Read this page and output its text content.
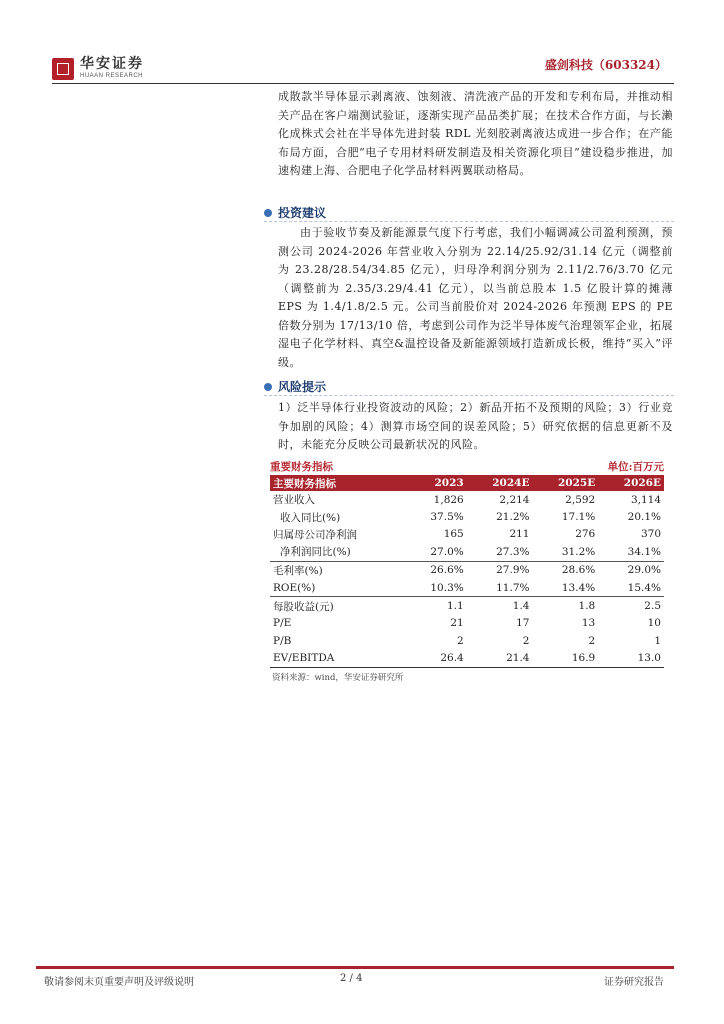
华安证券
HUAAN RESEARCH
盛剑科技（603324）
成散款半导体显示剥离液、蚀刻液、清洗液产品的开发和专利布局，并推动相关产品在客户端测试验证，逐渐实现产品品类扩展；在技术合作方面，与长濑化成株式会社在半导体先进封装 RDL 光刻胶剥离液达成进一步合作；在产能布局方面，合肥“电子专用材料研发制造及相关资源化项目”建设稳步推进，加速构建上海、合肥电子化学品材料两翼联动格局。
投资建议
由于验收节奏及新能源景气度下行考虑，我们小幅调减公司盈利预测，预测公司 2024-2026 年营业收入分别为 22.14/25.92/31.14 亿元（调整前为 23.28/28.54/34.85 亿元），归母净利润分别为 2.11/2.76/3.70 亿元（调整前为 2.35/3.29/4.41 亿元），以当前总股本 1.5 亿股计算的摊薄 EPS 为 1.4/1.8/2.5 元。公司当前股价对 2024-2026 年预测 EPS 的 PE 倍数分别为 17/13/10 倍，考虑到公司作为泛半导体废气治理领军企业，拓展湿电子化学材料、真空&温控设备及新能源领域打造新成长极，维持“买入”评级。
风险提示
1）泛半导体行业投资波动的风险；2）新品开拓不及预期的风险；3）行业竞争加剧的风险；4）测算市场空间的误差风险；5）研究依据的信息更新不及时，未能充分反映公司最新状况的风险。
重要财务指标	单位:百万元
主要财务指标	2023	2024E	2025E	2026E
营业收入	1,826	2,214	2,592	3,114
收入同比(%)	37.5%	21.2%	17.1%	20.1%
归属母公司净利润	165	211	276	370
净利润同比(%)	27.0%	27.3%	31.2%	34.1%
毛利率(%)	26.6%	27.9%	28.6%	29.0%
ROE(%)	10.3%	11.7%	13.4%	15.4%
每股收益(元)	1.1	1.4	1.8	2.5
P/E	21	17	13	10
P/B	2	2	2	1
EV/EBITDA	26.4	21.4	16.9	13.0
资料来源：wind，华安证券研究所
敬请参阅末页重要声明及评级说明	2 / 4	证券研究报告
